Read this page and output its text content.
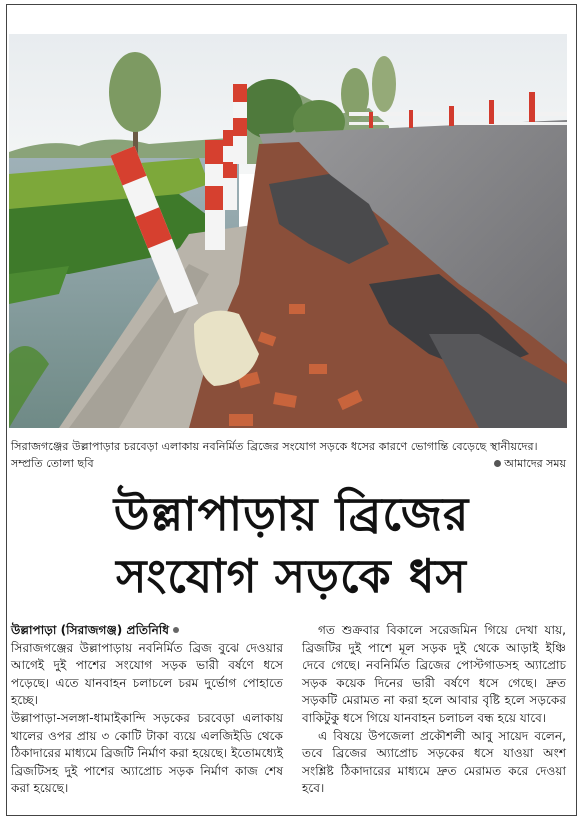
সিরাজগঞ্জের উল্লাপাড়ার চরবেড়া এলাকায় নবনির্মিত ব্রিজের সংযোগ সড়কে ধসের কারণে ভোগান্তি বেড়েছে স্থানীয়দের। সম্প্রতি তোলা ছবি	আমাদের সময়
উল্লাপাড়ায় ব্রিজের
সংযোগ সড়কে ধস

উল্লাপাড়া (সিরাজগঞ্জ) প্রতিনিধি

সিরাজগঞ্জের উল্লাপাড়ায় নবনির্মিত ব্রিজ বুঝে দেওয়ার আগেই দুই পাশের সংযোগ সড়ক ভারী বর্ষণে ধসে পড়েছে। এতে যানবাহন চলাচলে চরম দুর্ভোগ পোহাতে হচ্ছে।

উল্লাপাড়া-সলঙ্গা-ধামাইকান্দি সড়কের চরবেড়া এলাকায় খালের ওপর প্রায় ৩ কোটি টাকা ব্যয়ে এলজিইডি থেকে ঠিকাদারের মাধ্যমে ব্রিজটি নির্মাণ করা হয়েছে। ইতোমধ্যেই ব্রিজটিসহ দুই পাশের অ্যাপ্রোচ সড়ক নির্মাণ কাজ শেষ করা হয়েছে।

গত শুক্রবার বিকালে সরেজমিন গিয়ে দেখা যায়, ব্রিজটির দুই পাশে মূল সড়ক দুই থেকে আড়াই ইঞ্চি দেবে গেছে। নবনির্মিত ব্রিজের পোস্টগাডসহ অ্যাপ্রোচ সড়ক কয়েক দিনের ভারী বর্ষণে ধসে গেছে। দ্রুত সড়কটি মেরামত না করা হলে আবার বৃষ্টি হলে সড়কের বাকিটুকু ধসে গিয়ে যানবাহন চলাচল বন্ধ হয়ে যাবে।

এ বিষয়ে উপজেলা প্রকৌশলী আবু সায়েদ বলেন, তবে ব্রিজের অ্যাপ্রোচ সড়কের ধসে যাওয়া অংশ সংশ্লিষ্ট ঠিকাদারের মাধ্যমে দ্রুত মেরামত করে দেওয়া হবে।
